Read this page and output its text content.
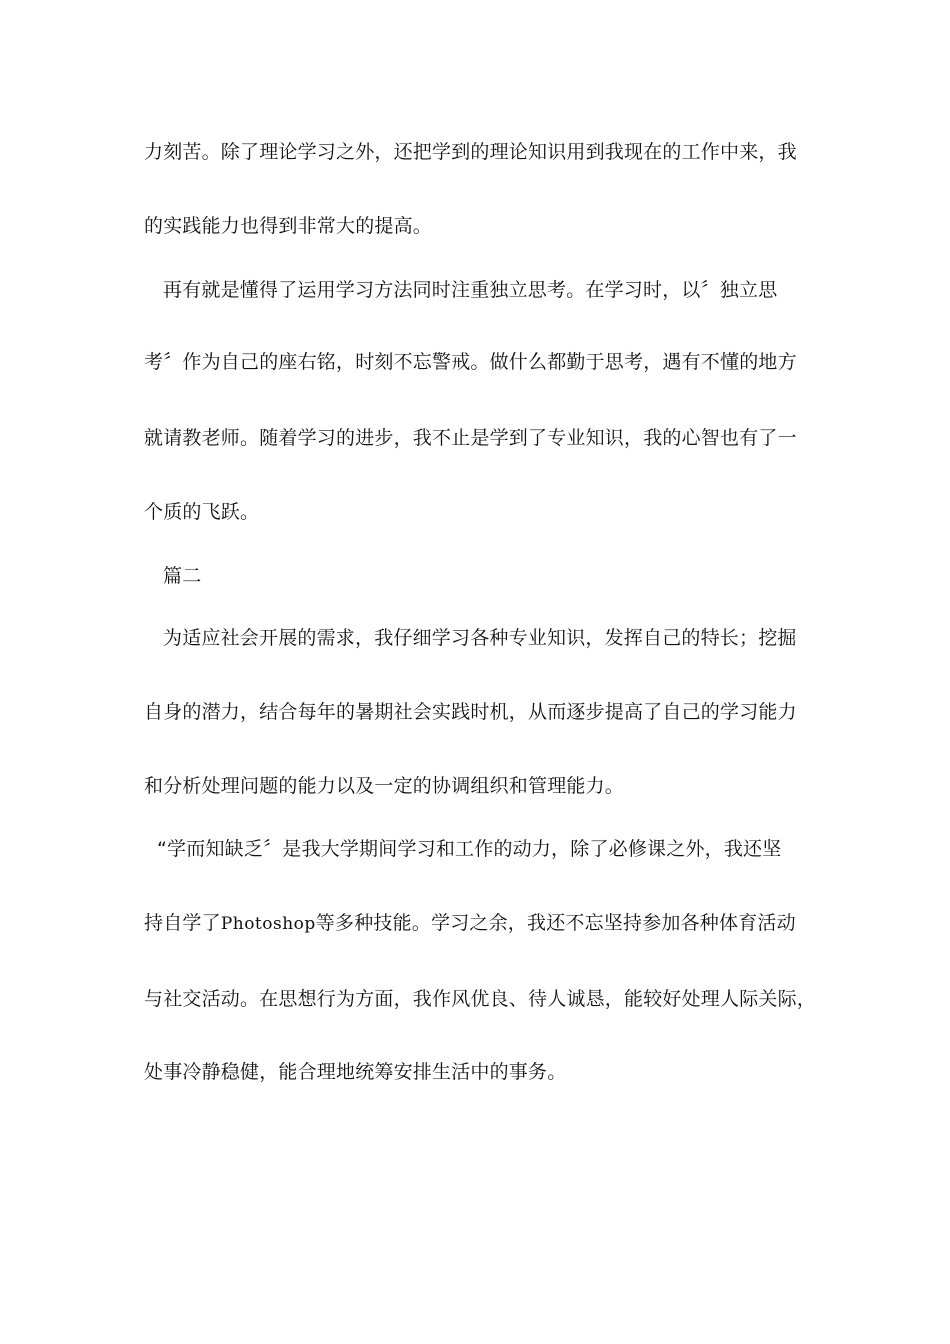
力刻苦。除了理论学习之外，还把学到的理论知识用到我现在的工作中来，我
的实践能力也得到非常大的提高。
再有就是懂得了运用学习方法同时注重独立思考。在学习时，以〞独立思
考〞作为自己的座右铭，时刻不忘警戒。做什么都勤于思考，遇有不懂的地方
就请教老师。随着学习的进步，我不止是学到了专业知识，我的心智也有了一
个质的飞跃。
篇二
为适应社会开展的需求，我仔细学习各种专业知识，发挥自己的特长；挖掘
自身的潜力，结合每年的暑期社会实践时机，从而逐步提高了自己的学习能力
和分析处理问题的能力以及一定的协调组织和管理能力。
“学而知缺乏〞是我大学期间学习和工作的动力，除了必修课之外，我还坚
持自学了Photoshop等多种技能。学习之余，我还不忘坚持参加各种体育活动
与社交活动。在思想行为方面，我作风优良、待人诚恳，能较好处理人际关际，
处事冷静稳健，能合理地统筹安排生活中的事务。
